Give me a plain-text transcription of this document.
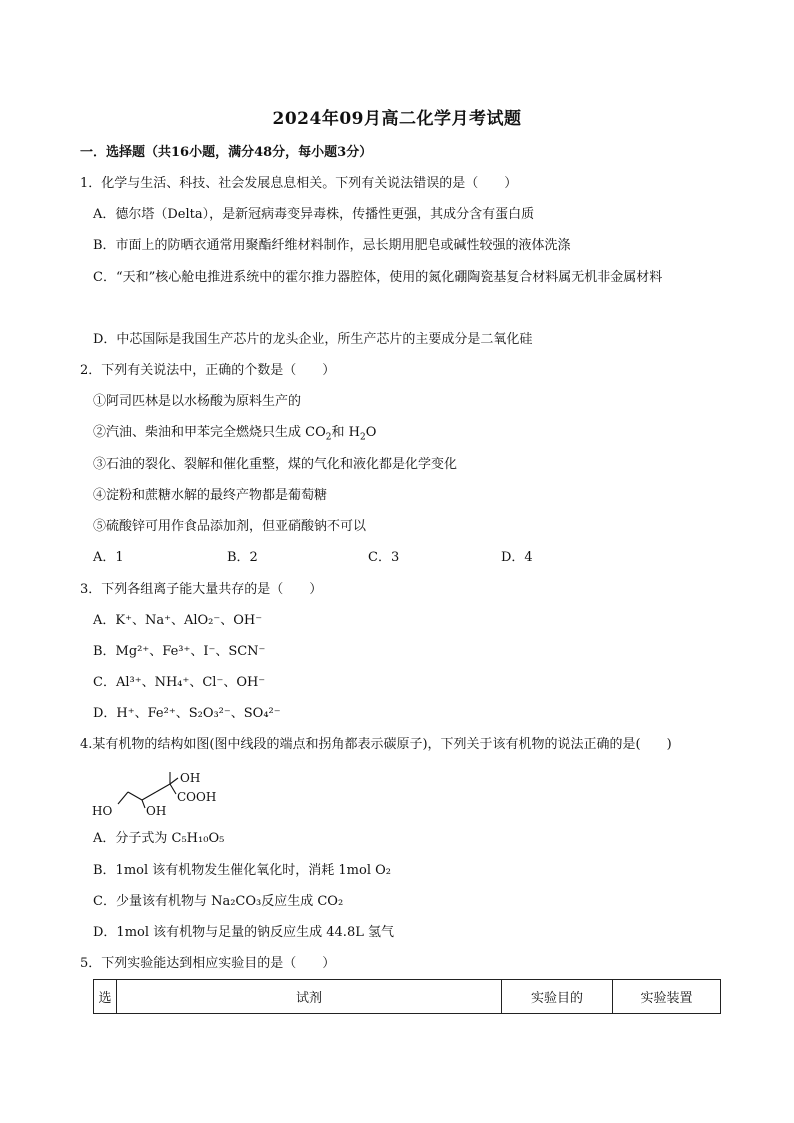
2024年09月高二化学月考试题
一．选择题（共16小题，满分48分，每小题3分）
1．化学与生活、科技、社会发展息息相关。下列有关说法错误的是（　　）
A．德尔塔（Delta），是新冠病毒变异毒株，传播性更强，其成分含有蛋白质
B．市面上的防晒衣通常用聚酯纤维材料制作，忌长期用肥皂或碱性较强的液体洗涤
C．“天和”核心舱电推进系统中的霍尔推力器腔体，使用的氮化硼陶瓷基复合材料属无机非金属材料
D．中芯国际是我国生产芯片的龙头企业，所生产芯片的主要成分是二氧化硅
2．下列有关说法中，正确的个数是（　　）
①阿司匹林是以水杨酸为原料生产的
②汽油、柴油和甲苯完全燃烧只生成 $CO_2$和 $H_2O$
③石油的裂化、裂解和催化重整，煤的气化和液化都是化学变化
④淀粉和蔗糖水解的最终产物都是葡萄糖
⑤硫酸锌可用作食品添加剂，但亚硝酸钠不可以
A．1	B．2	C．3	D．4
3．下列各组离子能大量共存的是（　　）
A．K⁺、Na⁺、AlO₂⁻、OH⁻
B．Mg²⁺、Fe³⁺、I⁻、SCN⁻
C．Al³⁺、NH₄⁺、Cl⁻、OH⁻
D．H⁺、Fe²⁺、S₂O₃²⁻、SO₄²⁻
4.某有机物的结构如图(图中线段的端点和拐角都表示碳原子)，下列关于该有机物的说法正确的是(　　)
OH
COOH
HO	OH
A．分子式为 C₅H₁₀O₅
B．1mol 该有机物发生催化氧化时，消耗 1mol O₂
C．少量该有机物与 Na₂CO₃反应生成 CO₂
D．1mol 该有机物与足量的钠反应生成 44.8L 氢气
5．下列实验能达到相应实验目的是（　　）
选	试剂	实验目的	实验装置
